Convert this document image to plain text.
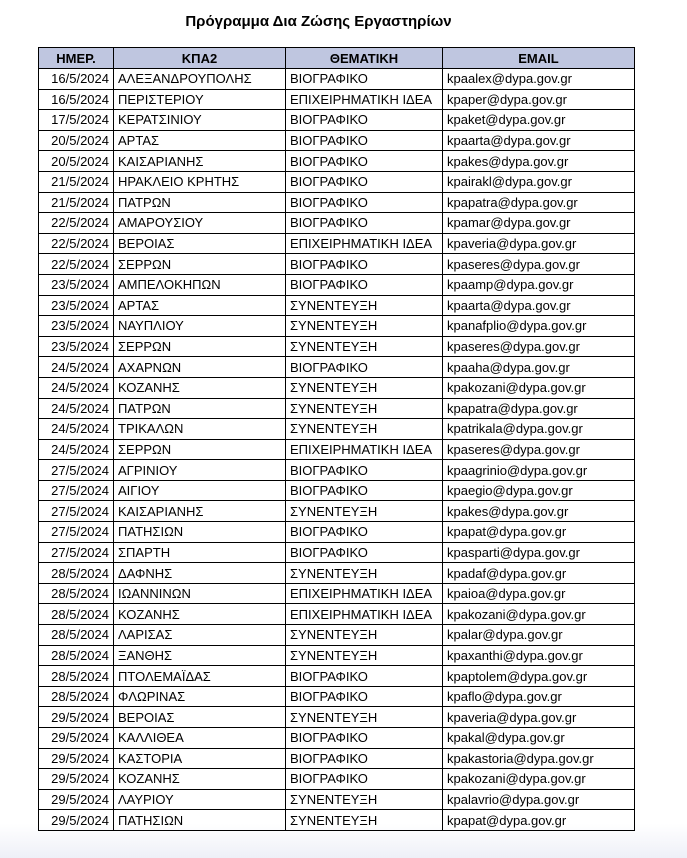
Πρόγραμμα Δια Ζώσης Εργαστηρίων
ΗΜΕΡ.	ΚΠΑ2	ΘΕΜΑΤΙΚΗ	EMAIL
16/5/2024	ΑΛΕΞΑΝΔΡΟΥΠΟΛΗΣ	ΒΙΟΓΡΑΦΙΚΟ	kpaalex@dypa.gov.gr
16/5/2024	ΠΕΡΙΣΤΕΡΙΟΥ	ΕΠΙΧΕΙΡΗΜΑΤΙΚΗ ΙΔΕΑ	kpaper@dypa.gov.gr
17/5/2024	ΚΕΡΑΤΣΙΝΙΟΥ	ΒΙΟΓΡΑΦΙΚΟ	kpaket@dypa.gov.gr
20/5/2024	ΑΡΤΑΣ	ΒΙΟΓΡΑΦΙΚΟ	kpaarta@dypa.gov.gr
20/5/2024	ΚΑΙΣΑΡΙΑΝΗΣ	ΒΙΟΓΡΑΦΙΚΟ	kpakes@dypa.gov.gr
21/5/2024	ΗΡΑΚΛΕΙΟ ΚΡΗΤΗΣ	ΒΙΟΓΡΑΦΙΚΟ	kpairakl@dypa.gov.gr
21/5/2024	ΠΑΤΡΩΝ	ΒΙΟΓΡΑΦΙΚΟ	kpapatra@dypa.gov.gr
22/5/2024	ΑΜΑΡΟΥΣΙΟΥ	ΒΙΟΓΡΑΦΙΚΟ	kpamar@dypa.gov.gr
22/5/2024	ΒΕΡΟΙΑΣ	ΕΠΙΧΕΙΡΗΜΑΤΙΚΗ ΙΔΕΑ	kpaveria@dypa.gov.gr
22/5/2024	ΣΕΡΡΩΝ	ΒΙΟΓΡΑΦΙΚΟ	kpaseres@dypa.gov.gr
23/5/2024	ΑΜΠΕΛΟΚΗΠΩΝ	ΒΙΟΓΡΑΦΙΚΟ	kpaamp@dypa.gov.gr
23/5/2024	ΑΡΤΑΣ	ΣΥΝΕΝΤΕΥΞΗ	kpaarta@dypa.gov.gr
23/5/2024	ΝΑΥΠΛΙΟΥ	ΣΥΝΕΝΤΕΥΞΗ	kpanafplio@dypa.gov.gr
23/5/2024	ΣΕΡΡΩΝ	ΣΥΝΕΝΤΕΥΞΗ	kpaseres@dypa.gov.gr
24/5/2024	ΑΧΑΡΝΩΝ	ΒΙΟΓΡΑΦΙΚΟ	kpaaha@dypa.gov.gr
24/5/2024	ΚΟΖΑΝΗΣ	ΣΥΝΕΝΤΕΥΞΗ	kpakozani@dypa.gov.gr
24/5/2024	ΠΑΤΡΩΝ	ΣΥΝΕΝΤΕΥΞΗ	kpapatra@dypa.gov.gr
24/5/2024	ΤΡΙΚΑΛΩΝ	ΣΥΝΕΝΤΕΥΞΗ	kpatrikala@dypa.gov.gr
24/5/2024	ΣΕΡΡΩΝ	ΕΠΙΧΕΙΡΗΜΑΤΙΚΗ ΙΔΕΑ	kpaseres@dypa.gov.gr
27/5/2024	ΑΓΡΙΝΙΟΥ	ΒΙΟΓΡΑΦΙΚΟ	kpaagrinio@dypa.gov.gr
27/5/2024	ΑΙΓΙΟΥ	ΒΙΟΓΡΑΦΙΚΟ	kpaegio@dypa.gov.gr
27/5/2024	ΚΑΙΣΑΡΙΑΝΗΣ	ΣΥΝΕΝΤΕΥΞΗ	kpakes@dypa.gov.gr
27/5/2024	ΠΑΤΗΣΙΩΝ	ΒΙΟΓΡΑΦΙΚΟ	kpapat@dypa.gov.gr
27/5/2024	ΣΠΑΡΤΗ	ΒΙΟΓΡΑΦΙΚΟ	kpasparti@dypa.gov.gr
28/5/2024	ΔΑΦΝΗΣ	ΣΥΝΕΝΤΕΥΞΗ	kpadaf@dypa.gov.gr
28/5/2024	ΙΩΑΝΝΙΝΩΝ	ΕΠΙΧΕΙΡΗΜΑΤΙΚΗ ΙΔΕΑ	kpaioa@dypa.gov.gr
28/5/2024	ΚΟΖΑΝΗΣ	ΕΠΙΧΕΙΡΗΜΑΤΙΚΗ ΙΔΕΑ	kpakozani@dypa.gov.gr
28/5/2024	ΛΑΡΙΣΑΣ	ΣΥΝΕΝΤΕΥΞΗ	kpalar@dypa.gov.gr
28/5/2024	ΞΑΝΘΗΣ	ΣΥΝΕΝΤΕΥΞΗ	kpaxanthi@dypa.gov.gr
28/5/2024	ΠΤΟΛΕΜΑΪΔΑΣ	ΒΙΟΓΡΑΦΙΚΟ	kpaptolem@dypa.gov.gr
28/5/2024	ΦΛΩΡΙΝΑΣ	ΒΙΟΓΡΑΦΙΚΟ	kpaflo@dypa.gov.gr
29/5/2024	ΒΕΡΟΙΑΣ	ΣΥΝΕΝΤΕΥΞΗ	kpaveria@dypa.gov.gr
29/5/2024	ΚΑΛΛΙΘΕΑ	ΒΙΟΓΡΑΦΙΚΟ	kpakal@dypa.gov.gr
29/5/2024	ΚΑΣΤΟΡΙΑ	ΒΙΟΓΡΑΦΙΚΟ	kpakastoria@dypa.gov.gr
29/5/2024	ΚΟΖΑΝΗΣ	ΒΙΟΓΡΑΦΙΚΟ	kpakozani@dypa.gov.gr
29/5/2024	ΛΑΥΡΙΟΥ	ΣΥΝΕΝΤΕΥΞΗ	kpalavrio@dypa.gov.gr
29/5/2024	ΠΑΤΗΣΙΩΝ	ΣΥΝΕΝΤΕΥΞΗ	kpapat@dypa.gov.gr
